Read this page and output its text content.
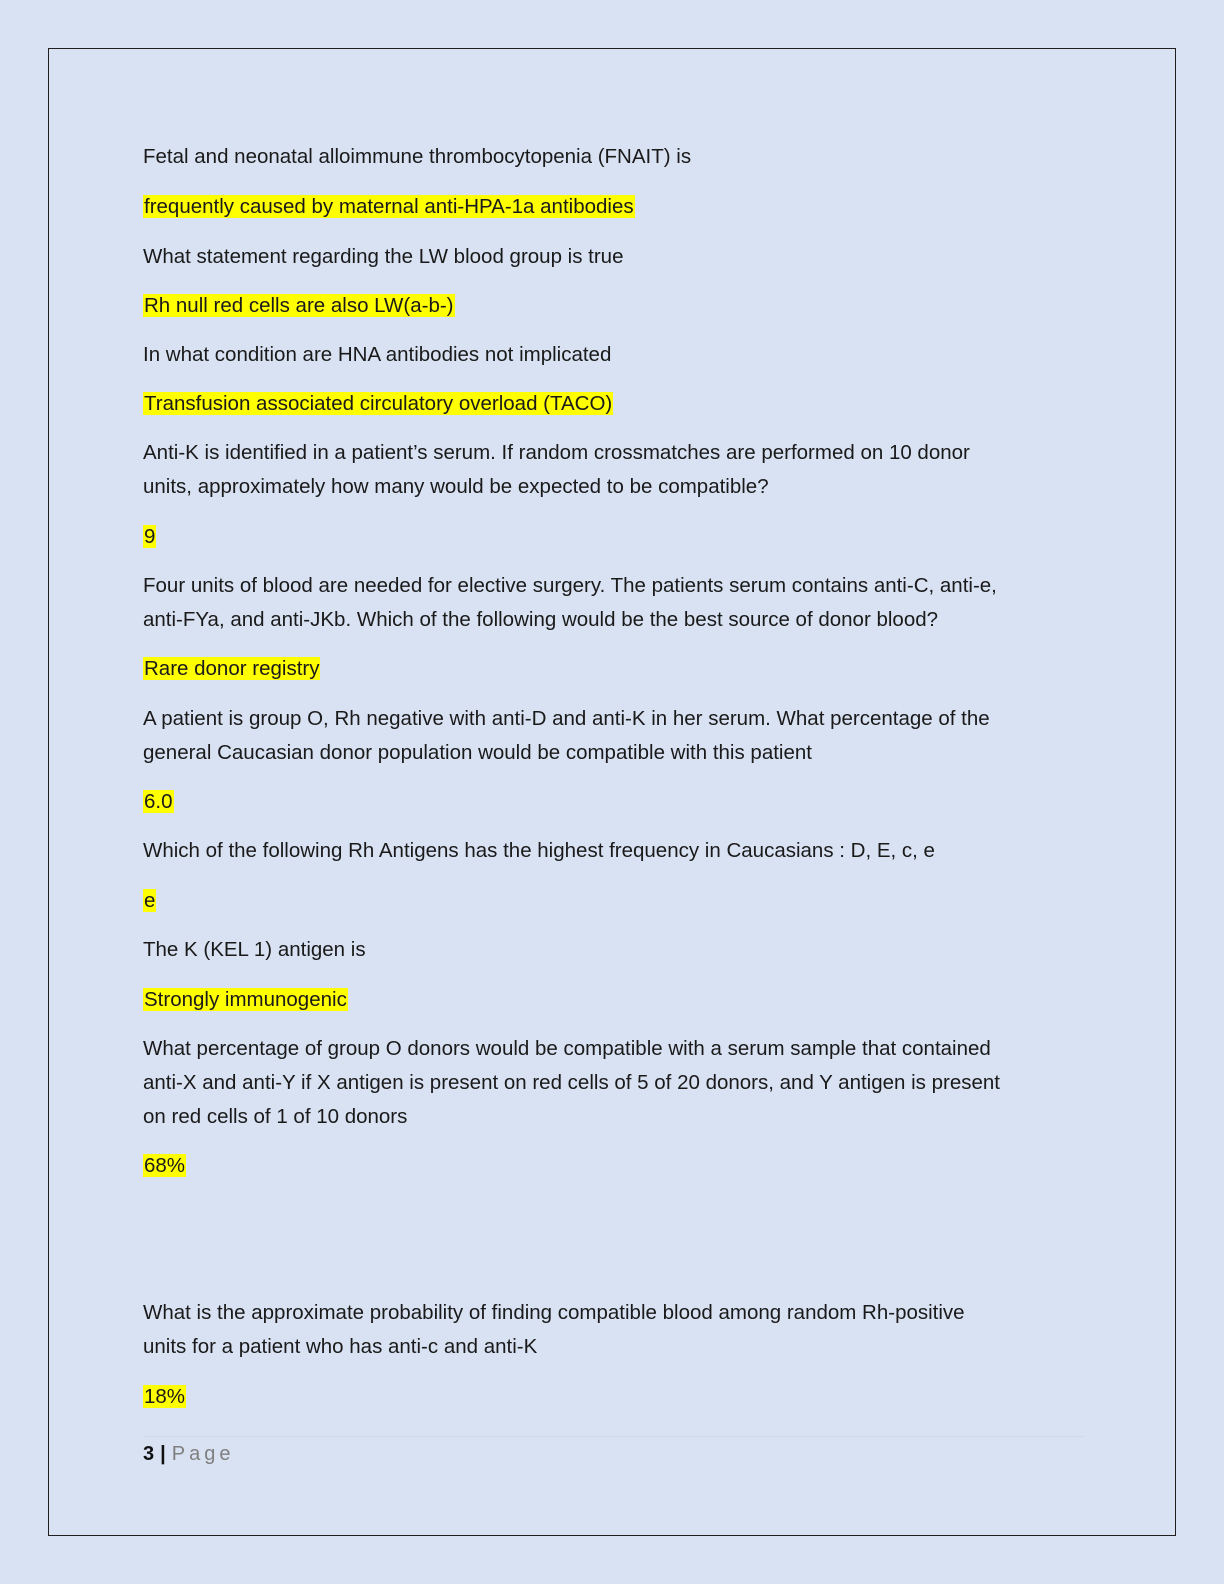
Fetal and neonatal alloimmune thrombocytopenia (FNAIT) is

frequently caused by maternal anti-HPA-1a antibodies

What statement regarding the LW blood group is true

Rh null red cells are also LW(a-b-)

In what condition are HNA antibodies not implicated

Transfusion associated circulatory overload (TACO)

Anti-K is identified in a patient’s serum. If random crossmatches are performed on 10 donor

units, approximately how many would be expected to be compatible?

9

Four units of blood are needed for elective surgery. The patients serum contains anti-C, anti-e,

anti-FYa, and anti-JKb. Which of the following would be the best source of donor blood?

Rare donor registry

A patient is group O, Rh negative with anti-D and anti-K in her serum. What percentage of the

general Caucasian donor population would be compatible with this patient

6.0

Which of the following Rh Antigens has the highest frequency in Caucasians : D, E, c, e

e

The K (KEL 1) antigen is

Strongly immunogenic

What percentage of group O donors would be compatible with a serum sample that contained

anti-X and anti-Y if X antigen is present on red cells of 5 of 20 donors, and Y antigen is present

on red cells of 1 of 10 donors

68%

What is the approximate probability of finding compatible blood among random Rh-positive

units for a patient who has anti-c and anti-K

18%

3 | Page
